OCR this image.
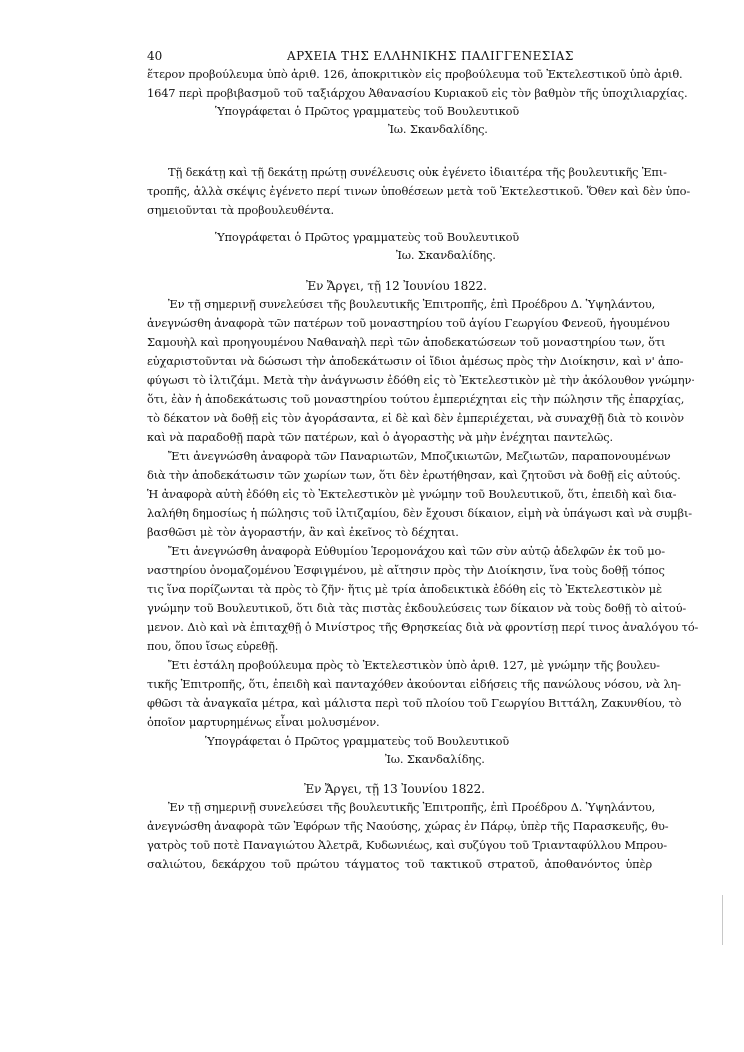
40	ΑΡΧΕΙΑ ΤΗΣ ΕΛΛΗΝΙΚΗΣ ΠΑΛΙΓΓΕΝΕΣΙΑΣ
ἕτερον προβούλευμα ὑπὸ ἀριθ. 126, ἀποκριτικὸν εἰς προβούλευμα τοῦ Ἐκτελεστικοῦ ὑπὸ ἀριθ.
1647 περὶ προβιβασμοῦ τοῦ ταξιάρχου Ἀθανασίου Κυριακοῦ εἰς τὸν βαθμὸν τῆς ὑποχιλιαρχίας.
Ὑπογράφεται ὁ Πρῶτος γραμματεὺς τοῦ Βουλευτικοῦ
Ἰω. Σκανδαλίδης.
Τῇ δεκάτῃ καὶ τῇ δεκάτῃ πρώτῃ συνέλευσις οὐκ ἐγένετο ἰδιαιτέρα τῆς βουλευτικῆς Ἐπι-
τροπῆς, ἀλλὰ σκέψις ἐγένετο περί τινων ὑποθέσεων μετὰ τοῦ Ἐκτελεστικοῦ. Ὅθεν καὶ δὲν ὑπο-
σημειοῦνται τὰ προβουλευθέντα.
Ὑπογράφεται ὁ Πρῶτος γραμματεὺς τοῦ Βουλευτικοῦ
Ἰω. Σκανδαλίδης.
Ἐν Ἄργει, τῇ 12 Ἰουνίου 1822.
Ἐν τῇ σημερινῇ συνελεύσει τῆς βουλευτικῆς Ἐπιτροπῆς, ἐπὶ Προέδρου Δ. Ὑψηλάντου,
ἀνεγνώσθη ἀναφορὰ τῶν πατέρων τοῦ μοναστηρίου τοῦ ἁγίου Γεωργίου Φενεοῦ, ἡγουμένου
Σαμουὴλ καὶ προηγουμένου Ναθαναὴλ περὶ τῶν ἀποδεκατώσεων τοῦ μοναστηρίου των, ὅτι
εὐχαριστοῦνται νὰ δώσωσι τὴν ἀποδεκάτωσιν οἱ ἴδιοι ἀμέσως πρὸς τὴν Διοίκησιν, καὶ ν' ἀπο-
φύγωσι τὸ ἰλτιζάμι. Μετὰ τὴν ἀνάγνωσιν ἐδόθη εἰς τὸ Ἐκτελεστικὸν μὲ τὴν ἀκόλουθον γνώμην·
ὅτι, ἐὰν ἡ ἀποδεκάτωσις τοῦ μοναστηρίου τούτου ἐμπεριέχηται εἰς τὴν πώλησιν τῆς ἐπαρχίας,
τὸ δέκατον νὰ δοθῇ εἰς τὸν ἀγοράσαντα, εἰ δὲ καὶ δὲν ἐμπεριέχεται, νὰ συναχθῇ διὰ τὸ κοινὸν
καὶ νὰ παραδοθῇ παρὰ τῶν πατέρων, καὶ ὁ ἀγοραστὴς νὰ μὴν ἐνέχηται παντελῶς.
Ἔτι ἀνεγνώσθη ἀναφορὰ τῶν Παναριωτῶν, Μποζικιωτῶν, Μεζιωτῶν, παραπονουμένων
διὰ τὴν ἀποδεκάτωσιν τῶν χωρίων των, ὅτι δὲν ἐρωτήθησαν, καὶ ζητοῦσι νὰ δοθῇ εἰς αὐτούς.
Ἡ ἀναφορὰ αὐτὴ ἐδόθη εἰς τὸ Ἐκτελεστικὸν μὲ γνώμην τοῦ Βουλευτικοῦ, ὅτι, ἐπειδὴ καὶ δια-
λαλήθη δημοσίως ἡ πώλησις τοῦ ἰλτιζαμίου, δὲν ἔχουσι δίκαιον, εἰμὴ νὰ ὑπάγωσι καὶ νὰ συμβι-
βασθῶσι μὲ τὸν ἀγοραστήν, ἂν καὶ ἐκεῖνος τὸ δέχηται.
Ἔτι ἀνεγνώσθη ἀναφορὰ Εὐθυμίου Ἱερομονάχου καὶ τῶν σὺν αὐτῷ ἀδελφῶν ἐκ τοῦ μο-
ναστηρίου ὀνομαζομένου Ἐσφιγμένου, μὲ αἴτησιν πρὸς τὴν Διοίκησιν, ἵνα τοὺς δοθῇ τόπος
τις ἵνα πορίζωνται τὰ πρὸς τὸ ζῆν· ἥτις μὲ τρία ἀποδεικτικὰ ἐδόθη εἰς τὸ Ἐκτελεστικὸν μὲ
γνώμην τοῦ Βουλευτικοῦ, ὅτι διὰ τὰς πιστὰς ἐκδουλεύσεις των δίκαιον νὰ τοὺς δοθῇ τὸ αἰτού-
μενον. Διὸ καὶ νὰ ἐπιταχθῇ ὁ Μινίστρος τῆς Θρησκείας διὰ νὰ φροντίσῃ περί τινος ἀναλόγου τό-
που, ὅπου ἴσως εὑρεθῇ.
Ἔτι ἐστάλη προβούλευμα πρὸς τὸ Ἐκτελεστικὸν ὑπὸ ἀριθ. 127, μὲ γνώμην τῆς βουλευ-
τικῆς Ἐπιτροπῆς, ὅτι, ἐπειδὴ καὶ πανταχόθεν ἀκούονται εἰδήσεις τῆς πανώλους νόσου, νὰ λη-
φθῶσι τὰ ἀναγκαῖα μέτρα, καὶ μάλιστα περὶ τοῦ πλοίου τοῦ Γεωργίου Βιττάλη, Ζακυνθίου, τὸ
ὁποῖον μαρτυρημένως εἶναι μολυσμένον.
Ὑπογράφεται ὁ Πρῶτος γραμματεὺς τοῦ Βουλευτικοῦ
Ἰω. Σκανδαλίδης.
Ἐν Ἄργει, τῇ 13 Ἰουνίου 1822.
Ἐν τῇ σημερινῇ συνελεύσει τῆς βουλευτικῆς Ἐπιτροπῆς, ἐπὶ Προέδρου Δ. Ὑψηλάντου,
ἀνεγνώσθη ἀναφορὰ τῶν Ἐφόρων τῆς Ναούσης, χώρας ἐν Πάρῳ, ὑπὲρ τῆς Παρασκευῆς, θυ-
γατρὸς τοῦ ποτὲ Παναγιώτου Ἀλετρᾶ, Κυδωνιέως, καὶ συζύγου τοῦ Τριανταφύλλου Μπρου-
σαλιώτου, δεκάρχου τοῦ πρώτου τάγματος τοῦ τακτικοῦ στρατοῦ, ἀποθανόντος ὑπὲρ
